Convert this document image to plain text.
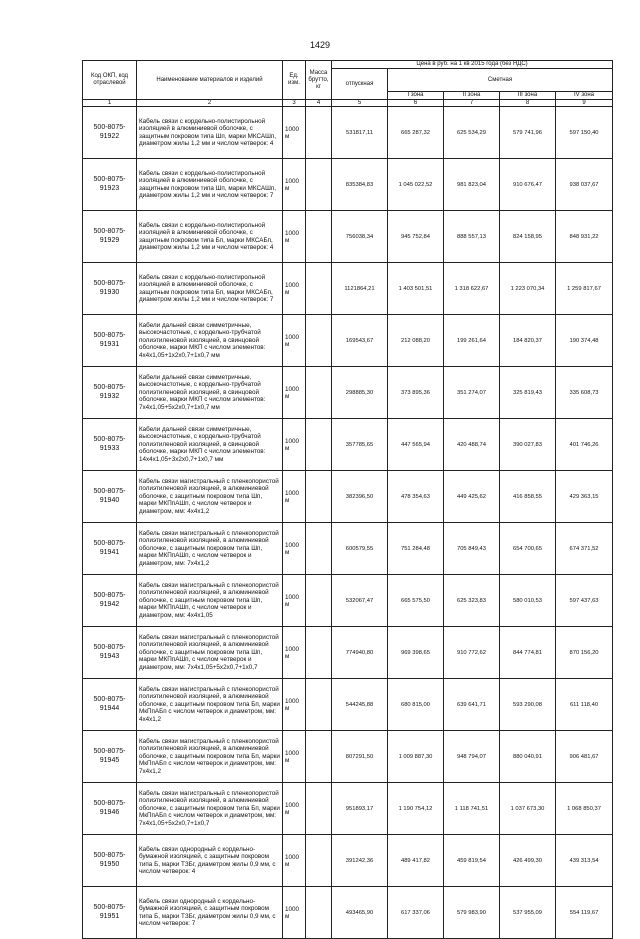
1429
Код ОКП, код отраслевой	Наименование материалов и изделий	Ед. изм.	Масса брутто, кг	Цена в руб. на 1 кв 2015 года (без НДС)				
				отпускная	Сметная			
					I зона	II зона	III зона	IV зона
1	2	3	4	5	6	7	8	9
500-8075-91922	Кабель связи с кордельно-полистирольной изоляцией в алюминиевой оболочке, с защитным покровом типа Шп, марки МКСАШп, диаметром жилы 1,2 мм и числом четверок: 4	1000 м		531817,11	665 287,32	625 534,29	579 741,96	597 150,40
500-8075-91923	Кабель связи с кордельно-полистирольной изоляцией в алюминиевой оболочке, с защитным покровом типа Шп, марки МКСАШп, диаметром жилы 1,2 мм и числом четверок: 7	1000 м		835384,83	1 045 022,52	981 823,04	910 676,47	938 037,67
500-8075-91929	Кабель связи с кордельно-полистирольной изоляцией в алюминиевой оболочке, с защитным покровом типа Бп, марки МКСАБп, диаметром жилы 1,2 мм и числом четверок: 4	1000 м		756038,34	945 752,84	888 557,13	824 158,95	848 931,22
500-8075-91930	Кабель связи с кордельно-полистирольной изоляцией в алюминиевой оболочке, с защитным покровом типа Бп, марки МКСАБп, диаметром жилы 1,2 мм и числом четверок: 7	1000 м		1121864,21	1 403 501,51	1 318 622,67	1 223 070,34	1 259 817,67
500-8075-91931	Кабели дальней связи симметричные, высокочастотные, с кордельно-трубчатой полиэтиленовой изоляцией, в свинцовой оболочке, марки МКП с числом элементов: 4х4х1,05+1х2х0,7+1х0,7 мм	1000 м		169543,67	212 088,20	199 261,64	184 820,37	190 374,48
500-8075-91932	Кабели дальней связи симметричные, высокочастотные, с кордельно-трубчатой полиэтиленовой изоляцией, в свинцовой оболочке, марки МКП с числом элементов: 7х4х1,05+5х2х0,7+1х0,7 мм	1000 м		298885,30	373 895,36	351 274,07	325 819,43	335 608,73
500-8075-91933	Кабели дальней связи симметричные, высокочастотные, с кордельно-трубчатой полиэтиленовой изоляцией, в свинцовой оболочке, марки МКП с числом элементов: 14х4х1,05+3х2х0,7+1х0,7 мм	1000 м		357785,65	447 565,94	420 488,74	390 027,83	401 746,26
500-8075-91940	Кабель связи магистральный с пленкопористой полиэтиленовой изоляцией, в алюминиевой оболочке, с защитным покровом типа Шп, марки МКПпАШп, с числом четверок и диаметром, мм: 4х4х1,2	1000 м		382396,50	478 354,63	449 425,62	416 858,55	429 363,15
500-8075-91941	Кабель связи магистральный с пленкопористой полиэтиленовой изоляцией, в алюминиевой оболочке, с защитным покровом типа Шп, марки МКПпАШп, с числом четверок и диаметром, мм: 7х4х1,2	1000 м		600579,55	751 284,48	705 849,43	654 700,65	674 371,52
500-8075-91942	Кабель связи магистральный с пленкопористой полиэтиленовой изоляцией, в алюминиевой оболочке, с защитным покровом типа Шп, марки МКПпАШп, с числом четверок и диаметром, мм: 4х4х1,05	1000 м		532067,47	665 575,50	625 323,83	580 010,53	597 437,63
500-8075-91943	Кабель связи магистральный с пленкопористой полиэтиленовой изоляцией, в алюминиевой оболочке, с защитным покровом типа Шп, марки МКПпАШп, с числом четверок и диаметром, мм: 7х4х1,05+5х2х0,7+1х0,7	1000 м		774940,80	969 398,65	910 772,62	844 774,81	870 156,20
500-8075-91944	Кабель связи магистральный с пленкопористой полиэтиленовой изоляцией, в алюминиевой оболочке, с защитным покровом типа Бп, марки МкПпАБп с числом четверок и диаметром, мм: 4х4х1,2	1000 м		544245,88	680 815,00	639 641,71	593 290,08	611 118,40
500-8075-91945	Кабель связи магистральный с пленкопористой полиэтиленовой изоляцией, в алюминиевой оболочке, с защитным покровом типа Бп, марки МкПпАБп с числом четверок и диаметром, мм: 7х4х1,2	1000 м		807291,50	1 009 887,30	948 794,07	880 040,91	906 481,67
500-8075-91946	Кабель связи магистральный с пленкопористой полиэтиленовой изоляцией, в алюминиевой оболочке, с защитным покровом типа Бп, марки МкПпАБп с числом четверок и диаметром, мм: 7х4х1,05+5х2х0,7+1х0,7	1000 м		951893,17	1 190 754,12	1 118 741,51	1 037 673,30	1 068 850,37
500-8075-91950	Кабель связи однородный с кордельно-бумажной изоляцией, с защитным покровом типа Б, марки ТЗБг, диаметром жилы 0,9 мм, с числом четверок: 4	1000 м		391242,36	489 417,82	459 819,54	426 499,30	439 313,54
500-8075-91951	Кабель связи однородный с кордельно-бумажной изоляцией, с защитным покровом типа Б, марки ТЗБг, диаметром жилы 0,9 мм, с числом четверок: 7	1000 м		493465,90	617 337,06	579 983,90	537 955,09	554 119,67
